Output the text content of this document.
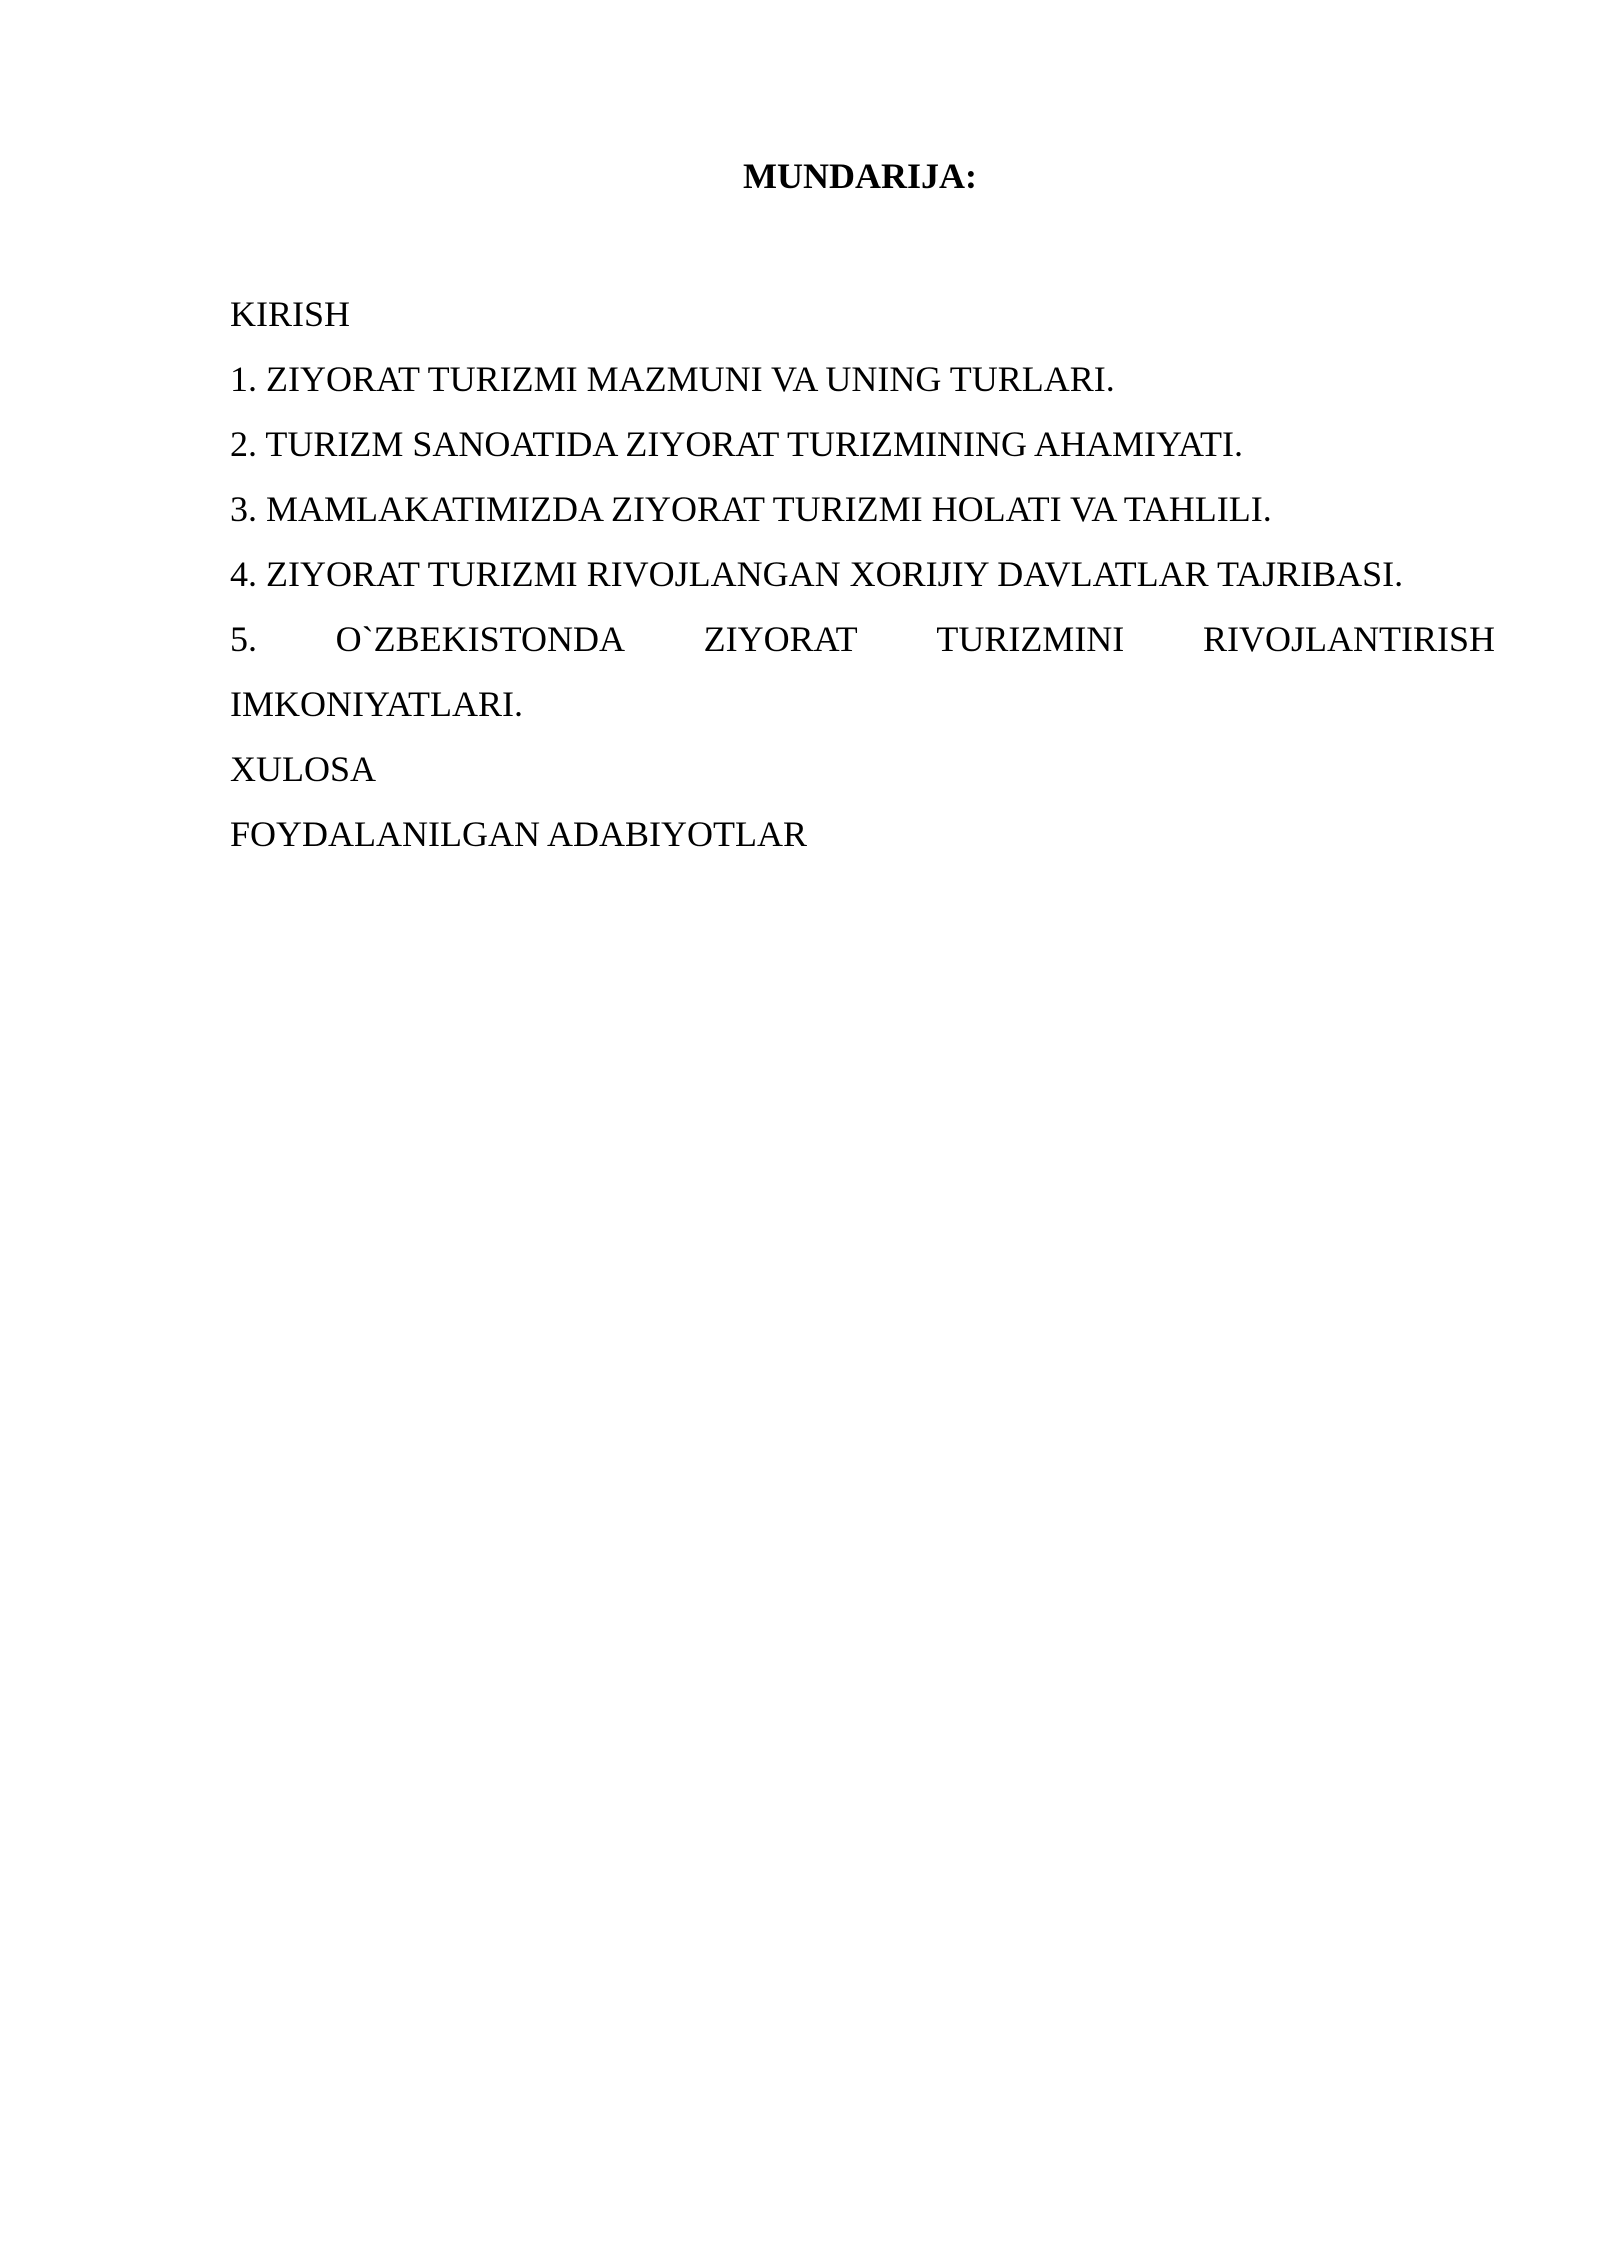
MUNDARIJA:
KIRISH
1. ZIYORAT TURIZMI MAZMUNI VA UNING TURLARI.
2. TURIZM SANOATIDA ZIYORAT TURIZMINING AHAMIYATI.
3. MAMLAKATIMIZDA ZIYORAT TURIZMI HOLATI VA TAHLILI.
4. ZIYORAT TURIZMI RIVOJLANGAN XORIJIY DAVLATLAR TAJRIBASI.
5. O`ZBEKISTONDA ZIYORAT TURIZMINI RIVOJLANTIRISH
IMKONIYATLARI.
XULOSA
FOYDALANILGAN ADABIYOTLAR
